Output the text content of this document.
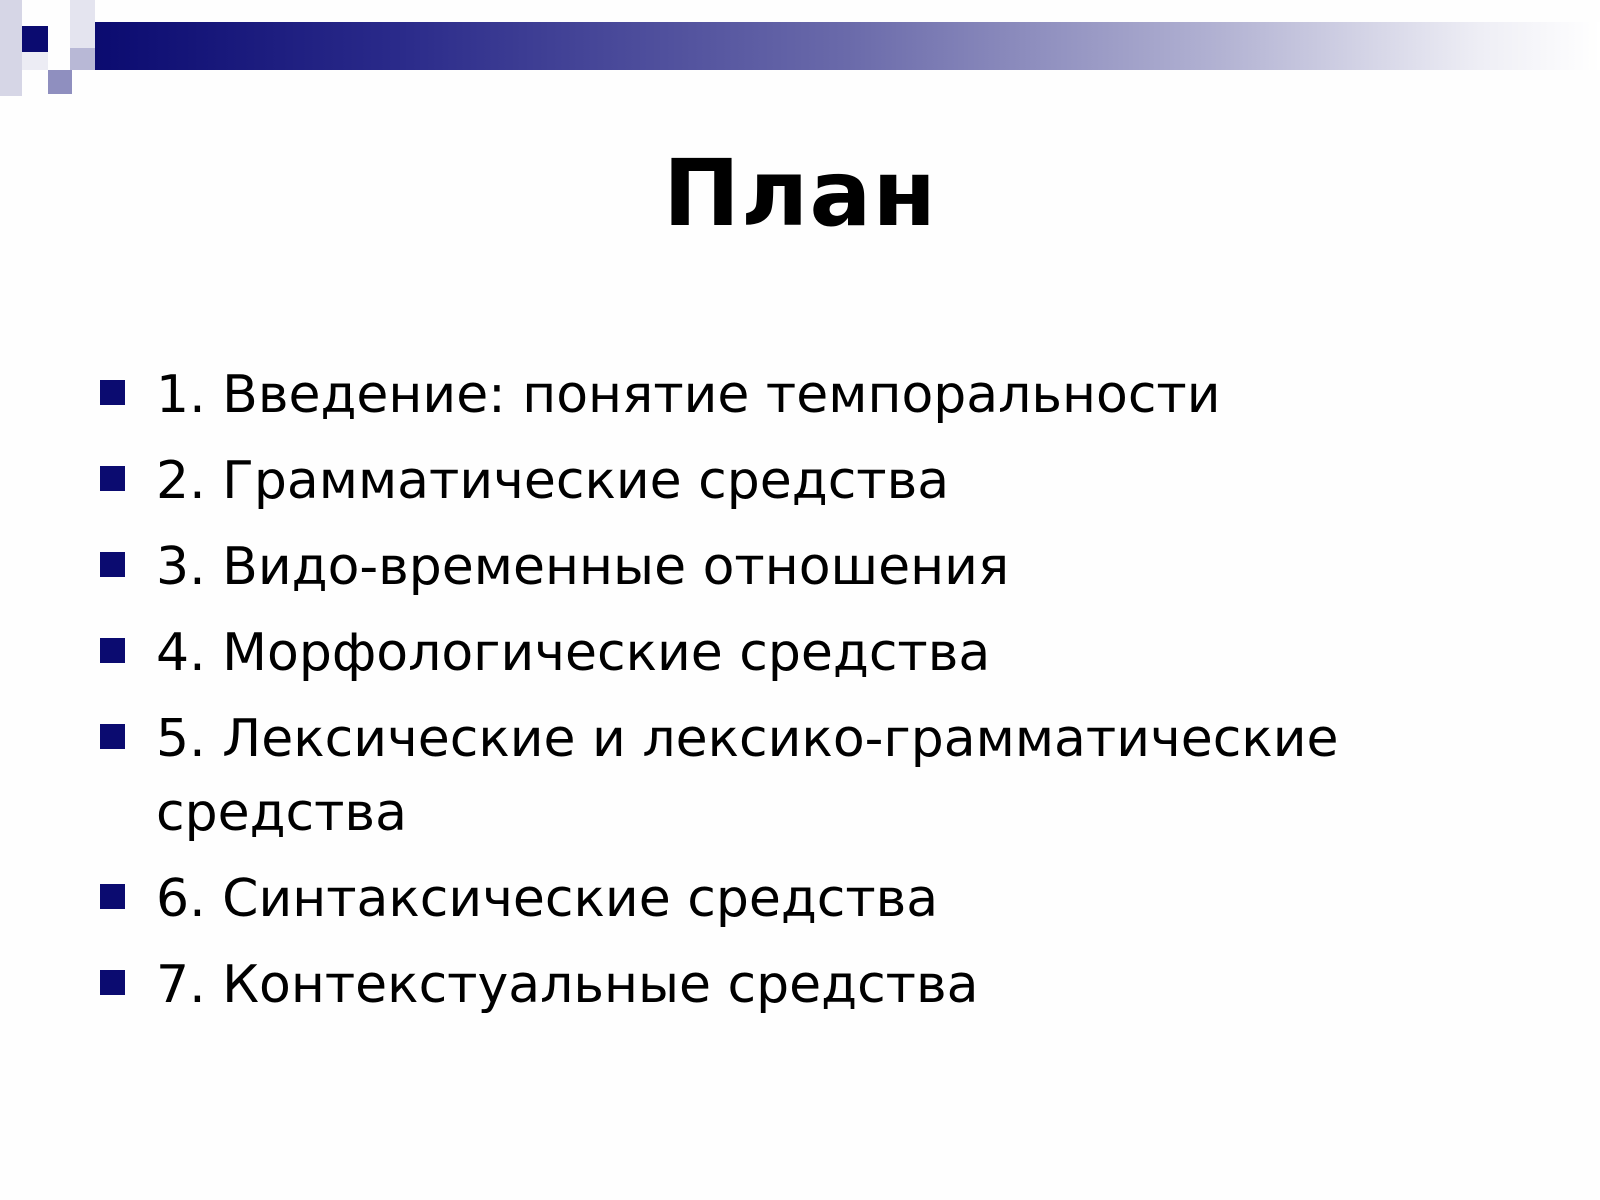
План
1. Введение: понятие темпоральности
2. Грамматические средства
3. Видо-временные отношения
4. Морфологические средства
5. Лексические и лексико-грамматические средства
6. Синтаксические средства
7. Контекстуальные средства
